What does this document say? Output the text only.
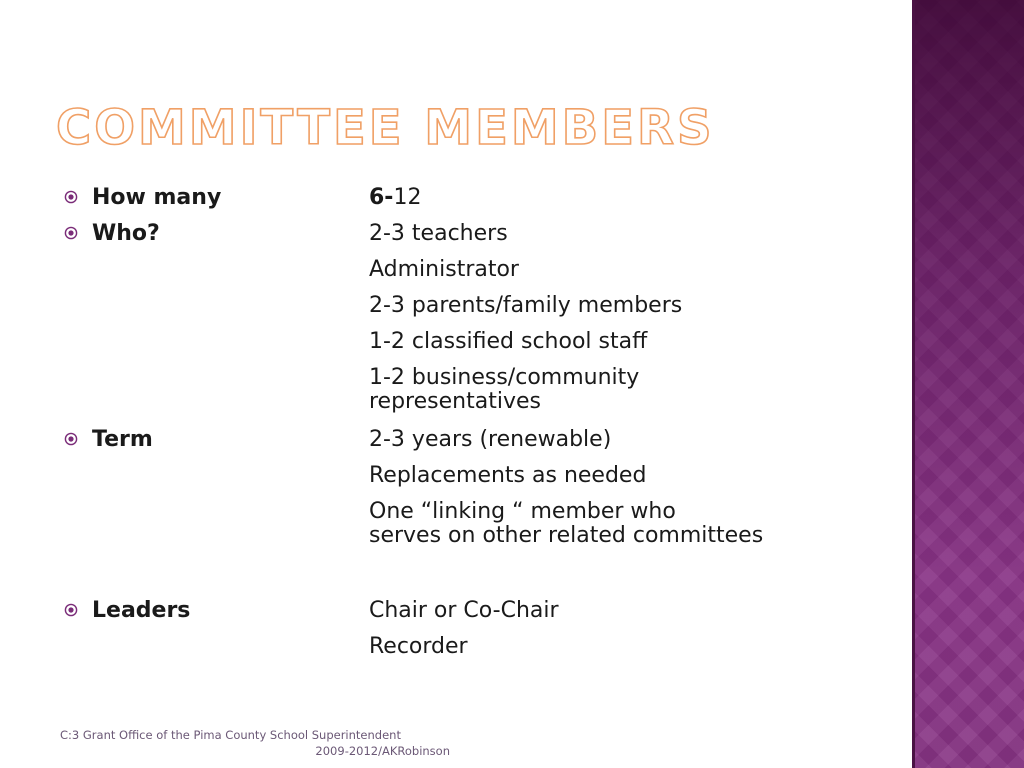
COMMITTEE MEMBERS
How many	6-12
Who?	2-3 teachers
Administrator
2-3 parents/family members
1-2 classified school staff
1-2 business/community
representatives
Term	2-3 years (renewable)
Replacements as needed
One “linking “ member who
serves on other related committees
Leaders	Chair or Co-Chair
Recorder
C:3 Grant Office of the Pima County School Superintendent
2009-2012/AKRobinson
